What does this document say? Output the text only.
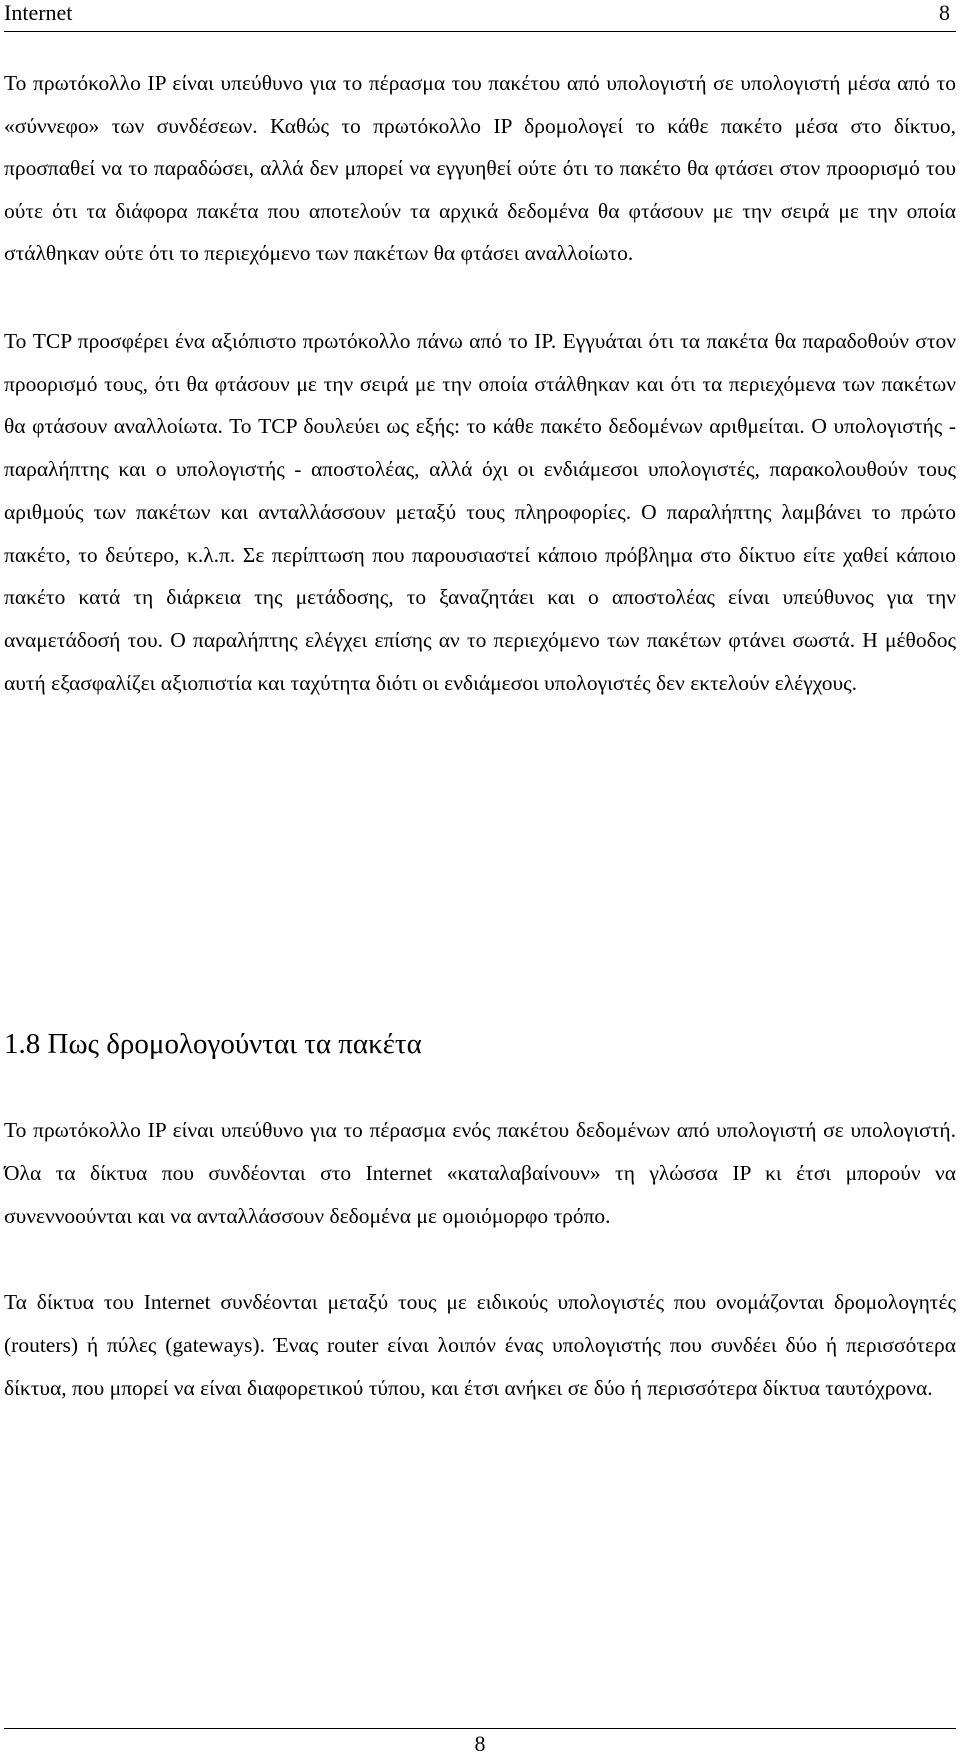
Internet	8

Το πρωτόκολλο IP είναι υπεύθυνο για το πέρασμα του πακέτου από υπολογιστή σε υπολογιστή μέσα από το «σύννεφο» των συνδέσεων. Καθώς το πρωτόκολλο IP δρομολογεί το κάθε πακέτο μέσα στο δίκτυο, προσπαθεί να το παραδώσει, αλλά δεν μπορεί να εγγυηθεί ούτε ότι το πακέτο θα φτάσει στον προορισμό του ούτε ότι τα διάφορα πακέτα που αποτελούν τα αρχικά δεδομένα θα φτάσουν με την σειρά με την οποία στάλθηκαν ούτε ότι το περιεχόμενο των πακέτων θα φτάσει αναλλοίωτο.

Το TCP προσφέρει ένα αξιόπιστο πρωτόκολλο πάνω από το IP. Εγγυάται ότι τα πακέτα θα παραδοθούν στον προορισμό τους, ότι θα φτάσουν με την σειρά με την οποία στάλθηκαν και ότι τα περιεχόμενα των πακέτων θα φτάσουν αναλλοίωτα. Το TCP δουλεύει ως εξής: το κάθε πακέτο δεδομένων αριθμείται. Ο υπολογιστής - παραλήπτης και ο υπολογιστής - αποστολέας, αλλά όχι οι ενδιάμεσοι υπολογιστές, παρακολουθούν τους αριθμούς των πακέτων και ανταλλάσσουν μεταξύ τους πληροφορίες. Ο παραλήπτης λαμβάνει το πρώτο πακέτο, το δεύτερο, κ.λ.π. Σε περίπτωση που παρουσιαστεί κάποιο πρόβλημα στο δίκτυο είτε χαθεί κάποιο πακέτο κατά τη διάρκεια της μετάδοσης, το ξαναζητάει και ο αποστολέας είναι υπεύθυνος για την αναμετάδοσή του. Ο παραλήπτης ελέγχει επίσης αν το περιεχόμενο των πακέτων φτάνει σωστά. Η μέθοδος αυτή εξασφαλίζει αξιοπιστία και ταχύτητα διότι οι ενδιάμεσοι υπολογιστές δεν εκτελούν ελέγχους.

1.8 Πως δρομολογούνται τα πακέτα

Το πρωτόκολλο IP είναι υπεύθυνο για το πέρασμα ενός πακέτου δεδομένων από υπολογιστή σε υπολογιστή. Όλα τα δίκτυα που συνδέονται στο Internet «καταλαβαίνουν» τη γλώσσα IP κι έτσι μπορούν να συνεννοούνται και να ανταλλάσσουν δεδομένα με ομοιόμορφο τρόπο.

Τα δίκτυα του Internet συνδέονται μεταξύ τους με ειδικούς υπολογιστές που ονομάζονται δρομολογητές (routers) ή πύλες (gateways). Ένας router είναι λοιπόν ένας υπολογιστής που συνδέει δύο ή περισσότερα δίκτυα, που μπορεί να είναι διαφορετικού τύπου, και έτσι ανήκει σε δύο ή περισσότερα δίκτυα ταυτόχρονα.

8
